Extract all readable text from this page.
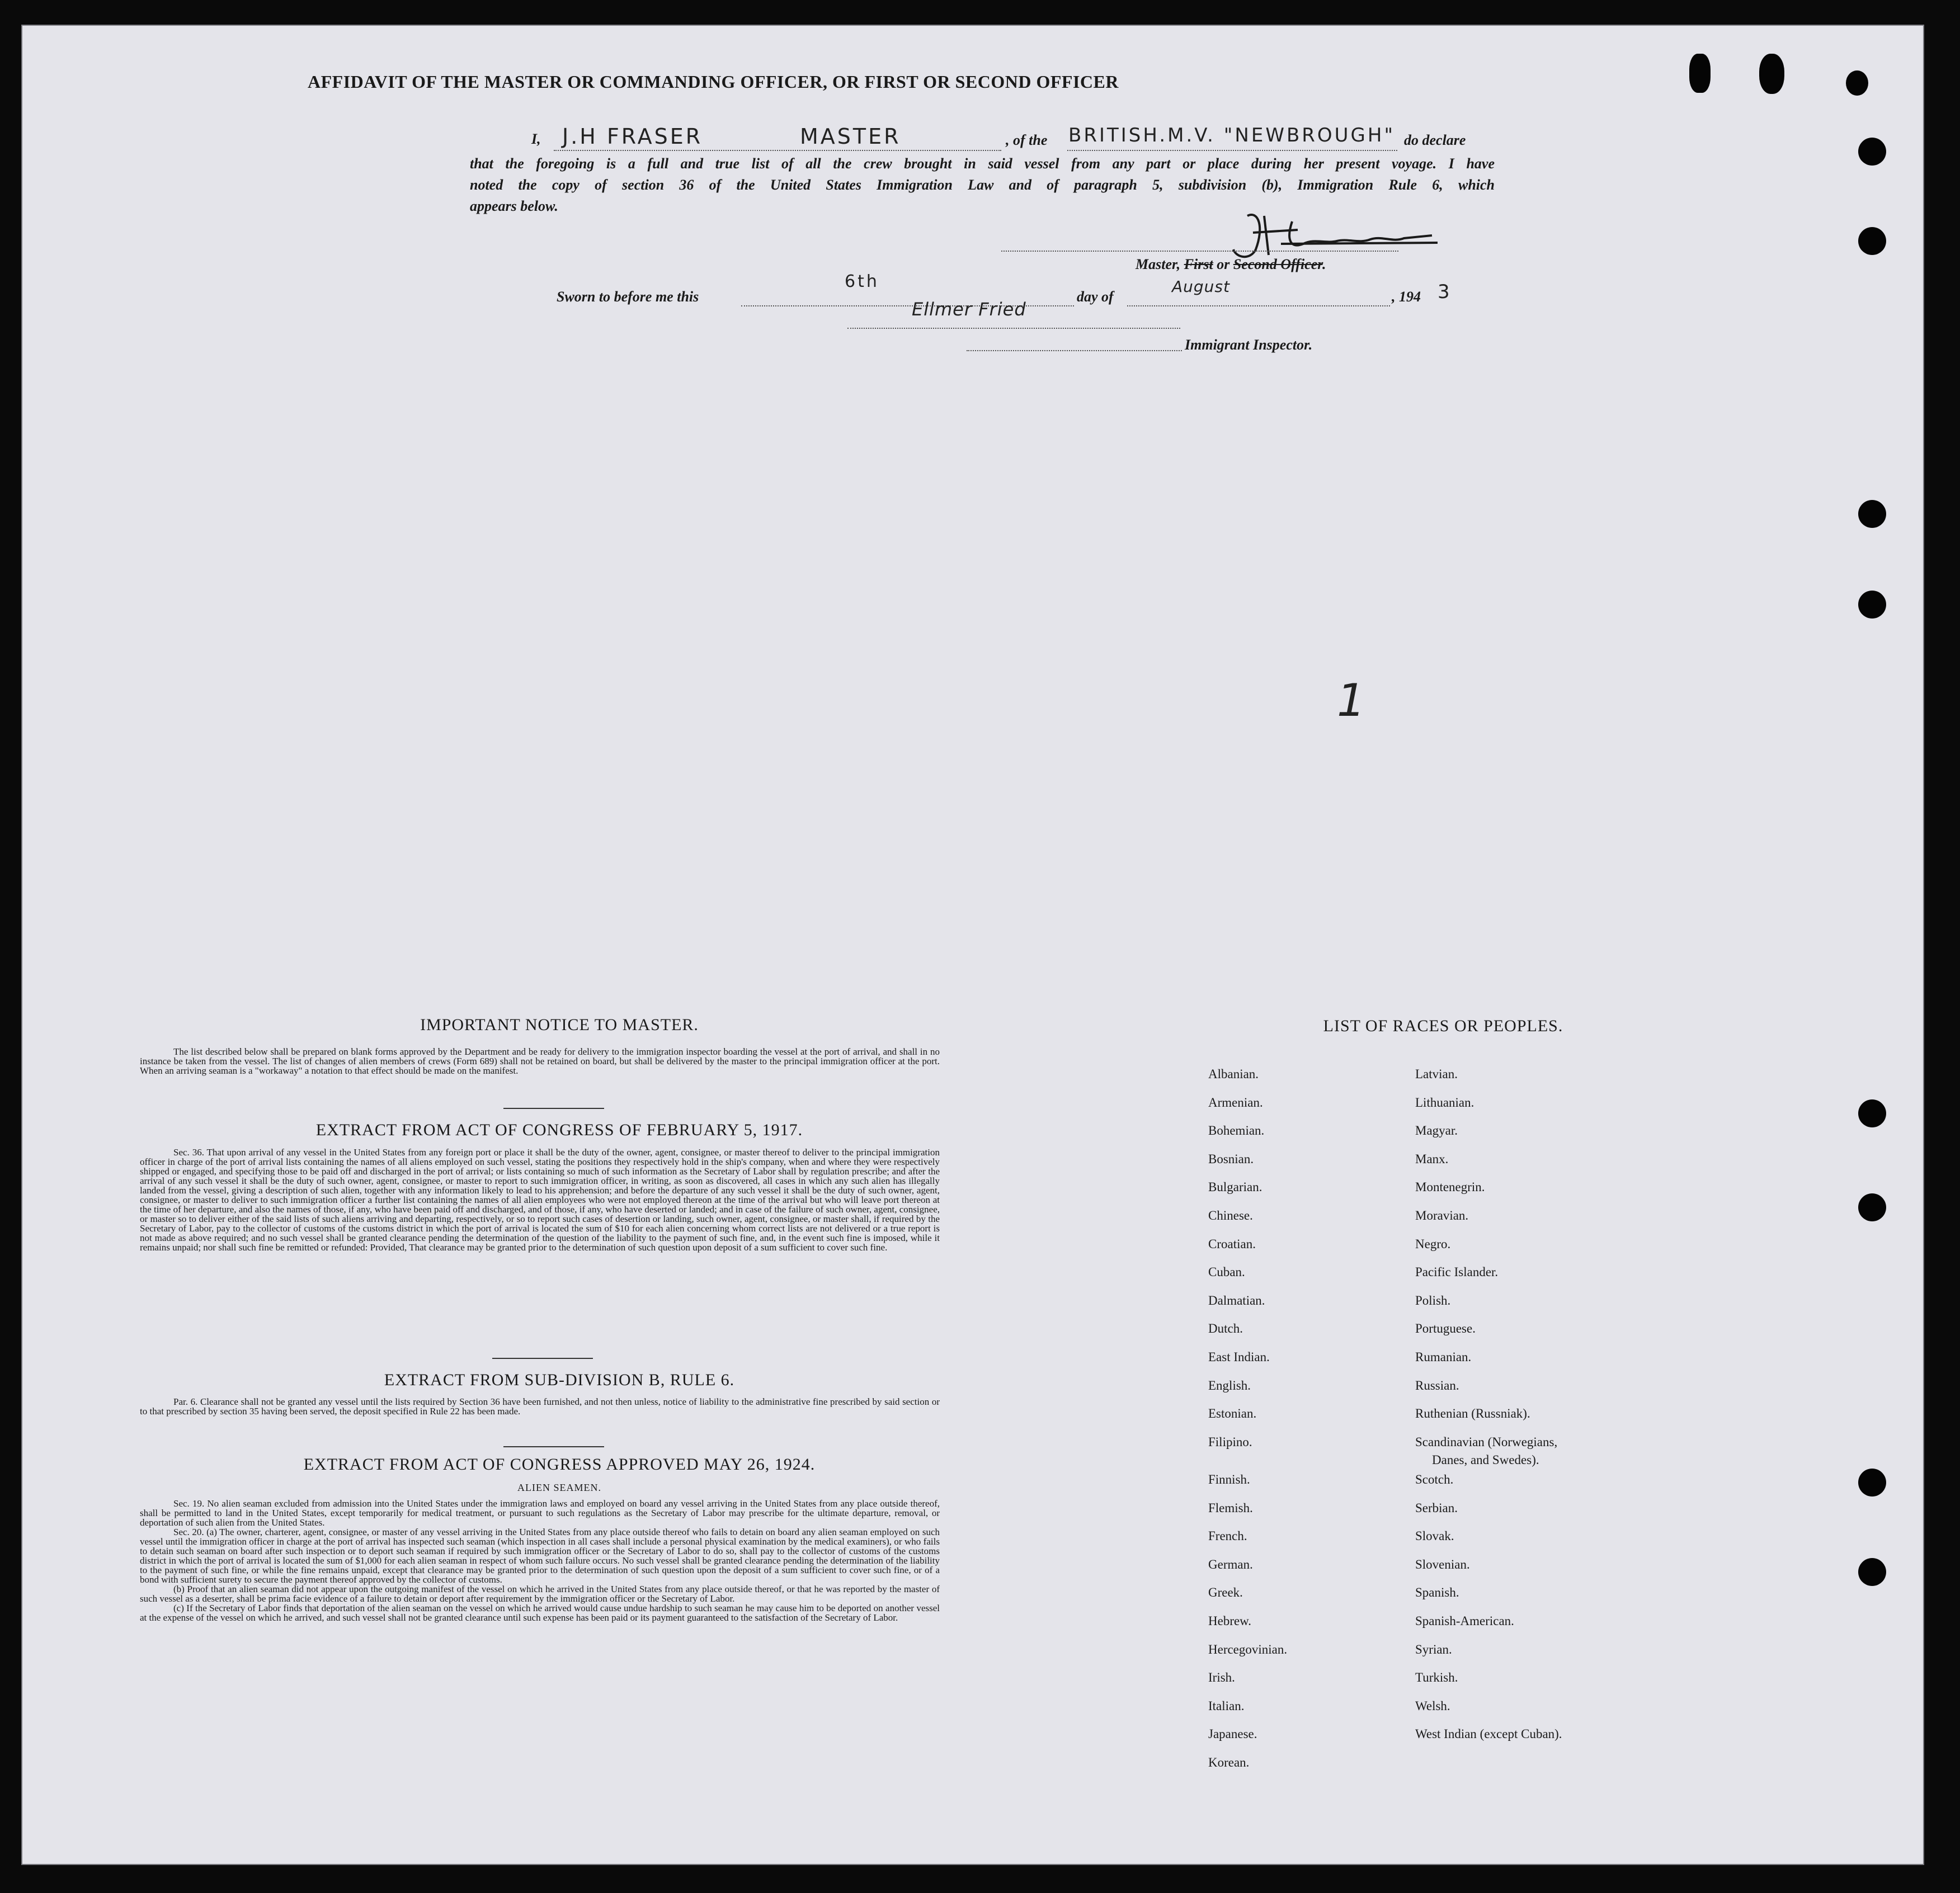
AFFIDAVIT OF THE MASTER OR COMMANDING OFFICER, OR FIRST OR SECOND OFFICER
I, J.H FRASER	MASTER	, of the BRITISH.M.V. "NEWBROUGH" do declare
that the foregoing is a full and true list of all the crew brought in said vessel from any part or place during her present voyage. I have
noted the copy of section 36 of the United States Immigration Law and of paragraph 5, subdivision (b), Immigration Rule 6, which
appears below.
Master, First or Second Officer.
Sworn to before me this
6th
day of
August
, 194 3
Ellmer Fried
Immigrant Inspector.
1
IMPORTANT NOTICE TO MASTER.

The list described below shall be prepared on blank forms approved by the Department and be ready for delivery to the immigration inspector boarding the vessel at the port of arrival, and shall in no instance be taken from the vessel. The list of changes of alien members of crews (Form 689) shall not be retained on board, but shall be delivered by the master to the principal immigration officer at the port. When an arriving seaman is a "workaway" a notation to that effect should be made on the manifest.

EXTRACT FROM ACT OF CONGRESS OF FEBRUARY 5, 1917.

Sec. 36. That upon arrival of any vessel in the United States from any foreign port or place it shall be the duty of the owner, agent, consignee, or master thereof to deliver to the principal immigration officer in charge of the port of arrival lists containing the names of all aliens employed on such vessel, stating the positions they respectively hold in the ship's company, when and where they were respectively shipped or engaged, and specifying those to be paid off and discharged in the port of arrival; or lists containing so much of such information as the Secretary of Labor shall by regulation prescribe; and after the arrival of any such vessel it shall be the duty of such owner, agent, consignee, or master to report to such immigration officer, in writing, as soon as discovered, all cases in which any such alien has illegally landed from the vessel, giving a description of such alien, together with any information likely to lead to his apprehension; and before the departure of any such vessel it shall be the duty of such owner, agent, consignee, or master to deliver to such immigration officer a further list containing the names of all alien employees who were not employed thereon at the time of the arrival but who will leave port thereon at the time of her departure, and also the names of those, if any, who have been paid off and discharged, and of those, if any, who have deserted or landed; and in case of the failure of such owner, agent, consignee, or master so to deliver either of the said lists of such aliens arriving and departing, respectively, or so to report such cases of desertion or landing, such owner, agent, consignee, or master shall, if required by the Secretary of Labor, pay to the collector of customs of the customs district in which the port of arrival is located the sum of $10 for each alien concerning whom correct lists are not delivered or a true report is not made as above required; and no such vessel shall be granted clearance pending the determination of the question of the liability to the payment of such fine, and, in the event such fine is imposed, while it remains unpaid; nor shall such fine be remitted or refunded: Provided, That clearance may be granted prior to the determination of such question upon deposit of a sum sufficient to cover such fine.

EXTRACT FROM SUB-DIVISION B, RULE 6.

Par. 6. Clearance shall not be granted any vessel until the lists required by Section 36 have been furnished, and not then unless, notice of liability to the administrative fine prescribed by said section or to that prescribed by section 35 having been served, the deposit specified in Rule 22 has been made.

EXTRACT FROM ACT OF CONGRESS APPROVED MAY 26, 1924.
ALIEN SEAMEN.

Sec. 19. No alien seaman excluded from admission into the United States under the immigration laws and employed on board any vessel arriving in the United States from any place outside thereof, shall be permitted to land in the United States, except temporarily for medical treatment, or pursuant to such regulations as the Secretary of Labor may prescribe for the ultimate departure, removal, or deportation of such alien from the United States.

Sec. 20. (a) The owner, charterer, agent, consignee, or master of any vessel arriving in the United States from any place outside thereof who fails to detain on board any alien seaman employed on such vessel until the immigration officer in charge at the port of arrival has inspected such seaman (which inspection in all cases shall include a personal physical examination by the medical examiners), or who fails to detain such seaman on board after such inspection or to deport such seaman if required by such immigration officer or the Secretary of Labor to do so, shall pay to the collector of customs of the customs district in which the port of arrival is located the sum of $1,000 for each alien seaman in respect of whom such failure occurs. No such vessel shall be granted clearance pending the determination of the liability to the payment of such fine, or while the fine remains unpaid, except that clearance may be granted prior to the determination of such question upon the deposit of a sum sufficient to cover such fine, or of a bond with sufficient surety to secure the payment thereof approved by the collector of customs.

(b) Proof that an alien seaman did not appear upon the outgoing manifest of the vessel on which he arrived in the United States from any place outside thereof, or that he was reported by the master of such vessel as a deserter, shall be prima facie evidence of a failure to detain or deport after requirement by the immigration officer or the Secretary of Labor.

(c) If the Secretary of Labor finds that deportation of the alien seaman on the vessel on which he arrived would cause undue hardship to such seaman he may cause him to be deported on another vessel at the expense of the vessel on which he arrived, and such vessel shall not be granted clearance until such expense has been paid or its payment guaranteed to the satisfaction of the Secretary of Labor.

LIST OF RACES OR PEOPLES.
Albanian.
Armenian.
Bohemian.
Bosnian.
Bulgarian.
Chinese.
Croatian.
Cuban.
Dalmatian.
Dutch.
East Indian.
English.
Estonian.
Filipino.
Finnish.
Flemish.
French.
German.
Greek.
Hebrew.
Hercegovinian.
Irish.
Italian.
Japanese.
Korean.
Latvian.
Lithuanian.
Magyar.
Manx.
Montenegrin.
Moravian.
Negro.
Pacific Islander.
Polish.
Portuguese.
Rumanian.
Russian.
Ruthenian (Russniak).
Scandinavian (Norwegians,
Danes, and Swedes).
Scotch.
Serbian.
Slovak.
Slovenian.
Spanish.
Spanish-American.
Syrian.
Turkish.
Welsh.
West Indian (except Cuban).
